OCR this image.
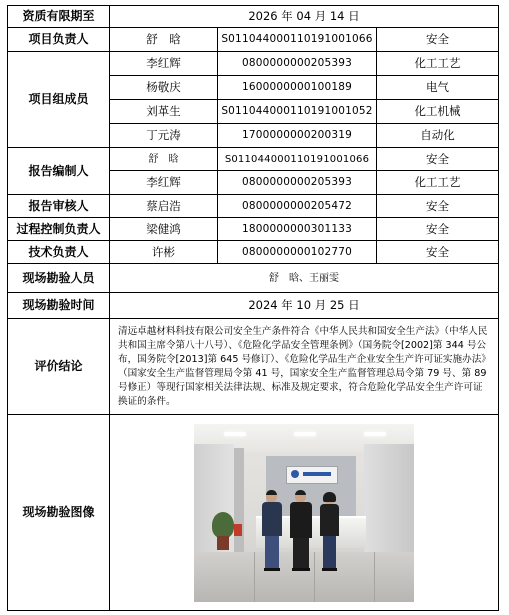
资质有限期至	2026 年 04 月 14 日		
项目负责人	舒　晗	S011044000110191001066	安全
项目组成员	李红辉	0800000000205393	化工工艺
	杨敬庆	1600000000100189	电气
	刘革生	S011044000110191001052	化工机械
	丁元涛	1700000000200319	自动化
报告编制人	舒　晗	S011044000110191001066	安全
	李红辉	0800000000205393	化工工艺
报告审核人	蔡启浩	0800000000205472	安全
过程控制负责人	梁健鸿	1800000000301133	安全
技术负责人	许彬	0800000000102770	安全
现场勘验人员	舒　晗、王丽雯		
现场勘验时间	2024 年 10 月 25 日		
评价结论	清远卓越材料科技有限公司安全生产条件符合《中华人民共和国安全生产法》（中华人民共和国主席令第八十八号）、《危险化学品安全管理条例》（国务院令[2002]第 344 号公布，国务院令[2013]第 645 号修订）、《危险化学品生产企业安全生产许可证实施办法》（国家安全生产监督管理局令第 41 号，国家安全生产监督管理总局令第 79 号、第 89 号修正）等现行国家相关法律法规、标准及规定要求，符合危险化学品安全生产许可证换证的条件。		
现场勘验图像			
